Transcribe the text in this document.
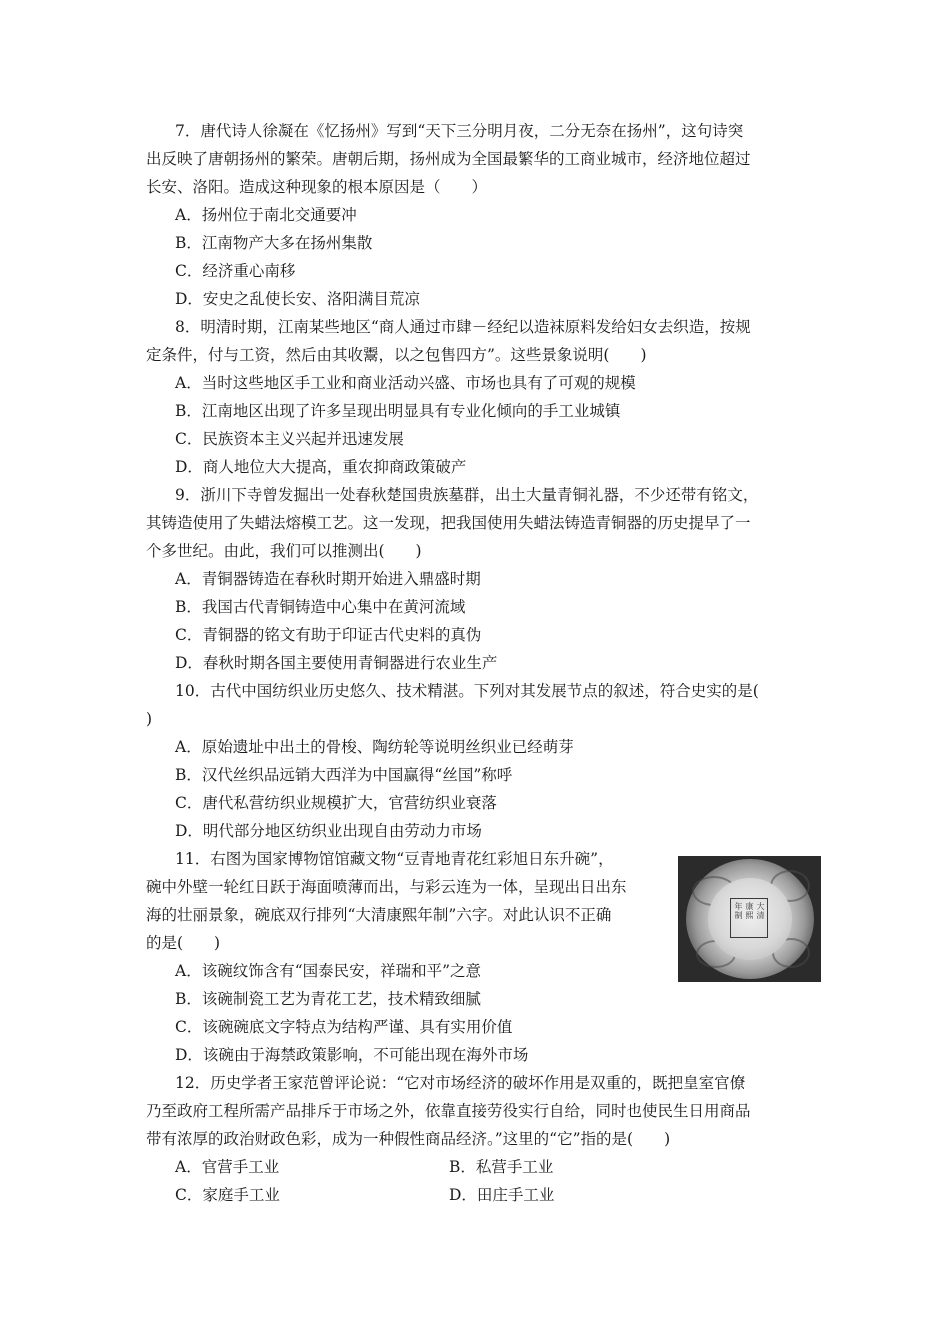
7．唐代诗人徐凝在《忆扬州》写到“天下三分明月夜，二分无奈在扬州”，这句诗突
出反映了唐朝扬州的繁荣。唐朝后期，扬州成为全国最繁华的工商业城市，经济地位超过
长安、洛阳。造成这种现象的根本原因是（　　）
A．扬州位于南北交通要冲
B．江南物产大多在扬州集散
C．经济重心南移
D．安史之乱使长安、洛阳满目荒凉
8．明清时期，江南某些地区“商人通过市肆－经纪以造袜原料发给妇女去织造，按规
定条件，付与工资，然后由其收鬻，以之包售四方”。这些景象说明(　　)
A．当时这些地区手工业和商业活动兴盛、市场也具有了可观的规模
B．江南地区出现了许多呈现出明显具有专业化倾向的手工业城镇
C．民族资本主义兴起并迅速发展
D．商人地位大大提高，重农抑商政策破产
9．浙川下寺曾发掘出一处春秋楚国贵族墓群，出土大量青铜礼器，不少还带有铭文，
其铸造使用了失蜡法熔模工艺。这一发现，把我国使用失蜡法铸造青铜器的历史提早了一
个多世纪。由此，我们可以推测出(　　)
A．青铜器铸造在春秋时期开始进入鼎盛时期
B．我国古代青铜铸造中心集中在黄河流域
C．青铜器的铭文有助于印证古代史料的真伪
D．春秋时期各国主要使用青铜器进行农业生产
10．古代中国纺织业历史悠久、技术精湛。下列对其发展节点的叙述，符合史实的是(
)
A．原始遗址中出土的骨梭、陶纺轮等说明丝织业已经萌芽
B．汉代丝织品远销大西洋为中国赢得“丝国”称呼
C．唐代私营纺织业规模扩大，官营纺织业衰落
D．明代部分地区纺织业出现自由劳动力市场
11．右图为国家博物馆馆藏文物“豆青地青花红彩旭日东升碗”，
碗中外壁一轮红日跃于海面喷薄而出，与彩云连为一体，呈现出日出东
海的壮丽景象，碗底双行排列“大清康熙年制”六字。对此认识不正确
的是(　　)
A．该碗纹饰含有“国泰民安，祥瑞和平”之意
B．该碗制瓷工艺为青花工艺，技术精致细腻
C．该碗碗底文字特点为结构严谨、具有实用价值
D．该碗由于海禁政策影响，不可能出现在海外市场
大清
康熙
年制
12．历史学者王家范曾评论说：“它对市场经济的破坏作用是双重的，既把皇室官僚
乃至政府工程所需产品排斥于市场之外，依靠直接劳役实行自给，同时也使民生日用商品
带有浓厚的政治财政色彩，成为一种假性商品经济。”这里的“它”指的是(　　)
A．官营手工业	B．私营手工业
C．家庭手工业	D．田庄手工业
